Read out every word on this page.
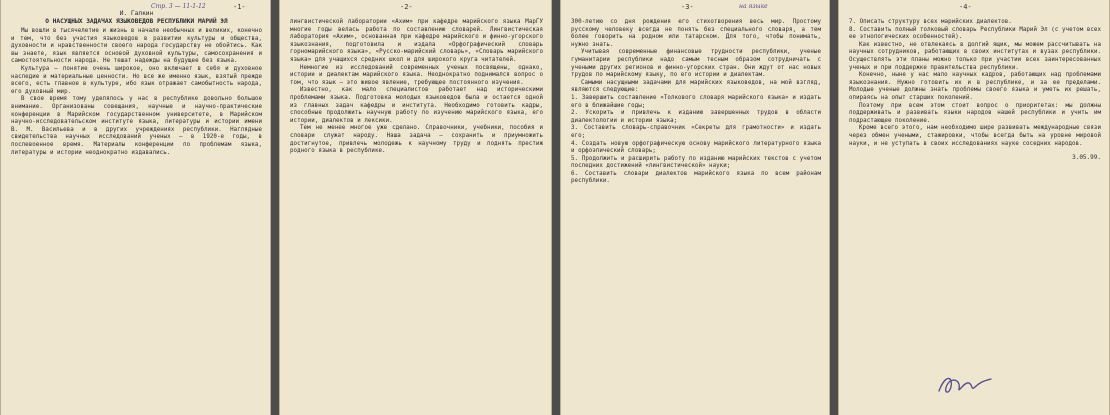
-1-
Стр. 3 — 11-1-12
И. Галкин
О НАСУЩНЫХ ЗАДАЧАХ ЯЗЫКОВЕДОВ РЕСПУБЛИКИ МАРИЙ ЭЛ

Мы вошли в тысячелетие и жизнь в начале необычных и великих, конечно и тем, что без участия языковедов в развитии культуры и общества, духовности и нравственности своего народа государству не обойтись. Как вы знаете, язык является основой духовной культуры, самосохранения и самостоятельности народа. Не тешат надежды на будущее без языка.

Культура — понятие очень широкое, оно включает в себя и духовное наследие и материальные ценности. Но все же именно язык, взятый прежде всего, есть главное в культуре, ибо язык отражает самобытность народа, его духовный мир.

В свое время тому уделялось у нас в республике довольно большое внимание. Организованы совещания, научные и научно-практические конференции в Марийском государственном университете, в Марийском научно-исследовательском институте языка, литературы и истории имени В. М. Васильева и в других учреждениях республики. Наглядные свидетельства научных исследований ученых — в 1920-е годы, в послевоенное время. Материалы конференции по проблемам языка, литературы и истории неоднократно издавались.

-2-

лингвистической лаборатории «Ахим» при кафедре марийского языка МарГУ многие годы велась работа по составлению словарей. Лингвистическая лаборатория «Ахим», основанная при кафедре марийского и финно-угорского языкознания, подготовила и издала «Орфографический словарь горномарийского языка», «Русско-марийский словарь», «Словарь марийского языка» для учащихся средних школ и для широкого круга читателей.

Немногие из исследований современных ученых посвящены, однако, истории и диалектам марийского языка. Неоднократно поднимался вопрос о том, что язык — это живое явление, требующее постоянного изучения.

Известно, как мало специалистов работает над историческими проблемами языка. Подготовка молодых языковедов была и остается одной из главных задач кафедры и института. Необходимо готовить кадры, способные продолжить научную работу по изучению марийского языка, его истории, диалектов и лексики.

Тем не менее многое уже сделано. Справочники, учебники, пособия и словари служат народу. Наша задача — сохранить и приумножить достигнутое, привлечь молодежь к научному труду и поднять престиж родного языка в республике.

-3-	на языке

300-летию со дня рождения его стихотворения весь мир. Простому русскому человеку всегда не понять без специального словаря, а тем более говорить на родном или татарском. Для того, чтобы понимать, нужно знать.

Учитывая современные финансовые трудности республики, ученые гуманитарии республики надо самым тесным образом сотрудничать с учеными других регионов и финно-угорских стран. Они ждут от нас новых трудов по марийскому языку, по его истории и диалектам.

Самыми насущными задачами для марийских языковедов, на мой взгляд, являются следующие:

1. Завершить составление «Толкового словаря марийского языка» и издать его в ближайшие годы;

2. Ускорить и привлечь к изданию завершенных трудов в области диалектологии и истории языка;

3. Составить словарь-справочник «Секреты для грамотности» и издать его;

4. Создать новую орфографическую основу марийского литературного языка и орфоэпический словарь;

5. Продолжить и расширить работу по изданию марийских текстов с учетом последних достижений «лингвистической» науки;

6. Составить словари диалектов марийского языка по всем районам республики.

-4-

7. Описать структуру всех марийских диалектов.

8. Составить полный толковый словарь Республики Марий Эл (с учетом всех ее этнологических особенностей).

Как известно, не отвлекаясь в долгий ящик, мы можем рассчитывать на научных сотрудников, работающих в своих институтах и вузах республики. Осуществлять эти планы можно только при участии всех заинтересованных ученых и при поддержке правительства республики.

Конечно, ныне у нас мало научных кадров, работающих над проблемами языкознания. Нужно готовить их и в республике, и за ее пределами. Молодые ученые должны знать проблемы своего языка и уметь их решать, опираясь на опыт старших поколений.

Поэтому при всем этом стоит вопрос о приоритетах: мы должны поддерживать и развивать языки народов нашей республики и учить им подрастающее поколение.

Кроме всего этого, нам необходимо шире развивать международные связи через обмен учеными, стажировки, чтобы всегда быть на уровне мировой науки, и не уступать в своих исследованиях науке соседних народов.

3.05.99.
